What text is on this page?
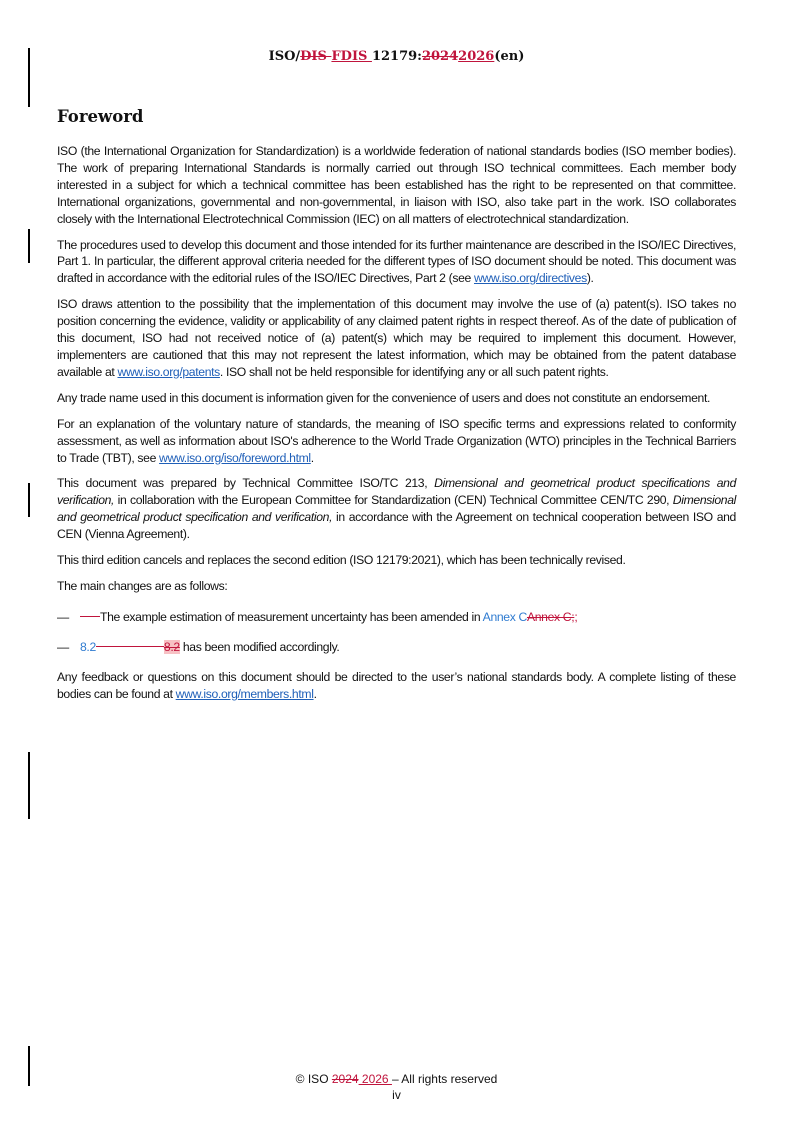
ISO/DIS FDIS 12179:20242026(en)
Foreword

ISO (the International Organization for Standardization) is a worldwide federation of national standards bodies (ISO member bodies). The work of preparing International Standards is normally carried out through ISO technical committees. Each member body interested in a subject for which a technical committee has been established has the right to be represented on that committee. International organizations, governmental and non-governmental, in liaison with ISO, also take part in the work. ISO collaborates closely with the International Electrotechnical Commission (IEC) on all matters of electrotechnical standardization.

The procedures used to develop this document and those intended for its further maintenance are described in the ISO/IEC Directives, Part 1. In particular, the different approval criteria needed for the different types of ISO document should be noted. This document was drafted in accordance with the editorial rules of the ISO/IEC Directives, Part 2 (see www.iso.org/directives).

ISO draws attention to the possibility that the implementation of this document may involve the use of (a) patent(s). ISO takes no position concerning the evidence, validity or applicability of any claimed patent rights in respect thereof. As of the date of publication of this document, ISO had not received notice of (a) patent(s) which may be required to implement this document. However, implementers are cautioned that this may not represent the latest information, which may be obtained from the patent database available at www.iso.org/patents. ISO shall not be held responsible for identifying any or all such patent rights.

Any trade name used in this document is information given for the convenience of users and does not constitute an endorsement.

For an explanation of the voluntary nature of standards, the meaning of ISO specific terms and expressions related to conformity assessment, as well as information about ISO's adherence to the World Trade Organization (WTO) principles in the Technical Barriers to Trade (TBT), see www.iso.org/iso/foreword.html.

This document was prepared by Technical Committee ISO/TC 213, Dimensional and geometrical product specifications and verification, in collaboration with the European Committee for Standardization (CEN) Technical Committee CEN/TC 290, Dimensional and geometrical product specification and verification, in accordance with the Agreement on technical cooperation between ISO and CEN (Vienna Agreement).

This third edition cancels and replaces the second edition (ISO 12179:2021), which has been technically revised.

The main changes are as follows:

—	The example estimation of measurement uncertainty has been amended in Annex CAnnex C;;
— 8.2	8.2 has been modified accordingly.

Any feedback or questions on this document should be directed to the user’s national standards body. A complete listing of these bodies can be found at www.iso.org/members.html.

© ISO 2024 2026 – All rights reserved
iv
